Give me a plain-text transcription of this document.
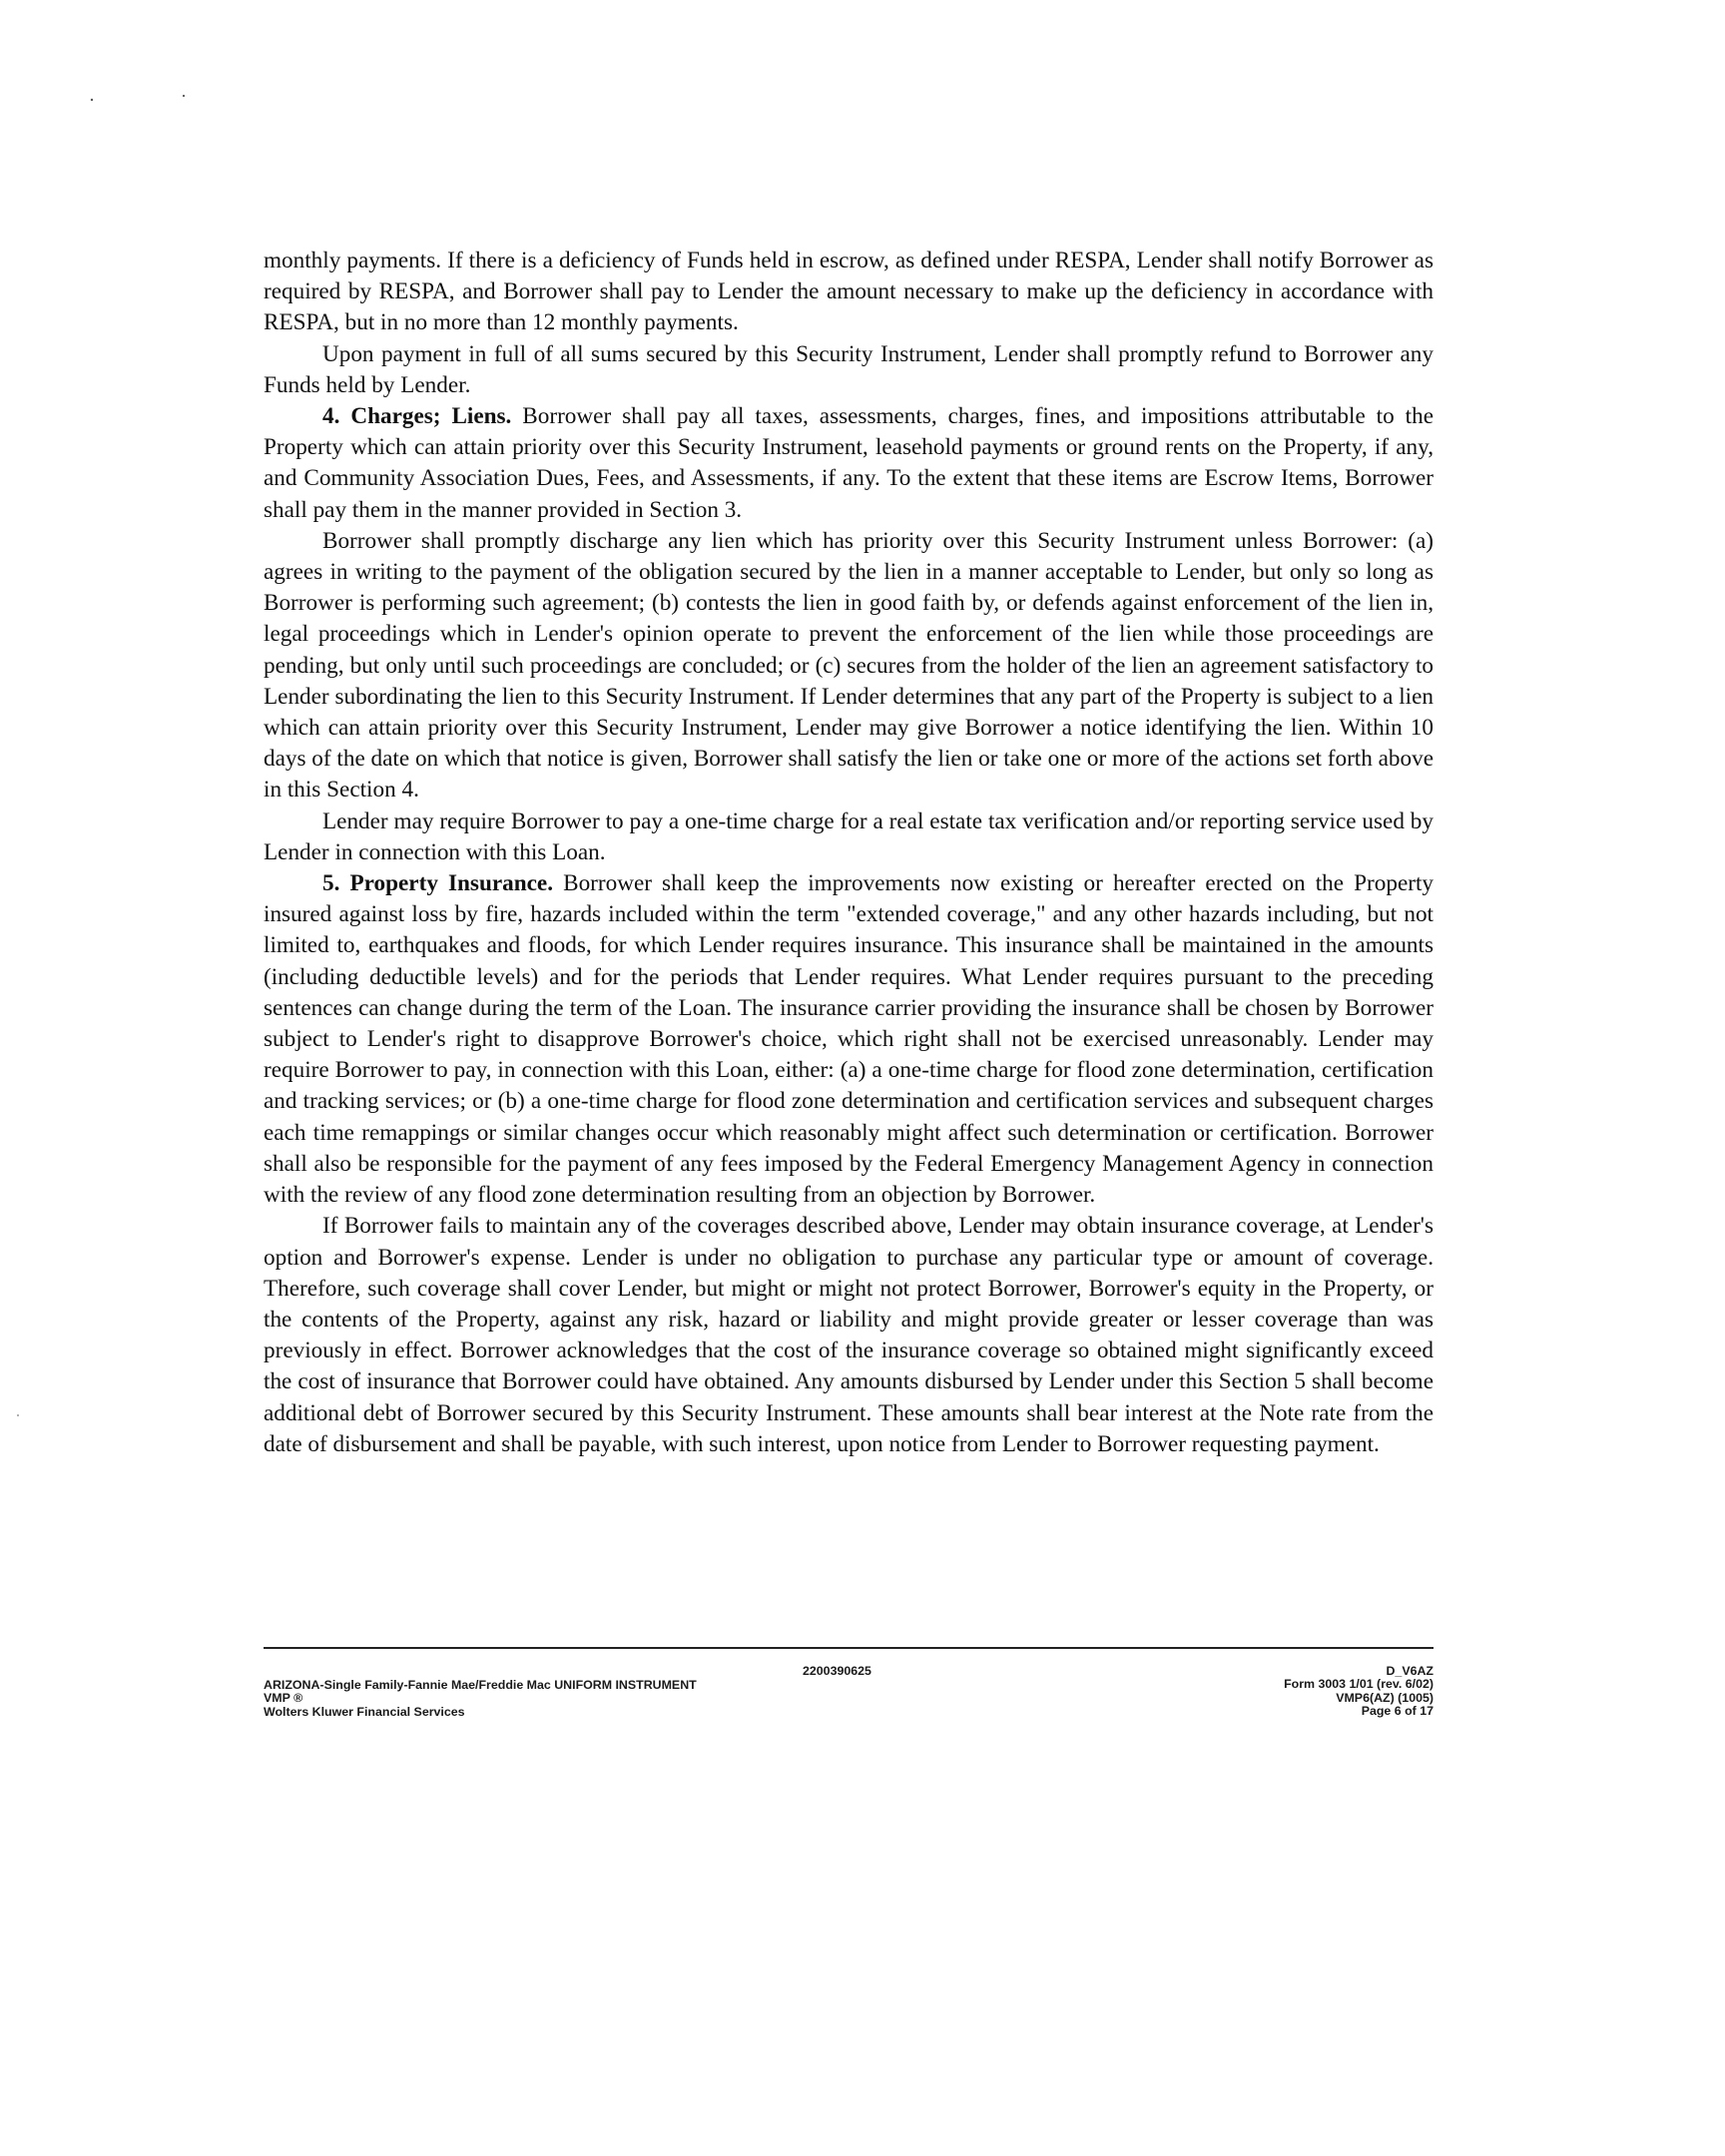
monthly payments. If there is a deficiency of Funds held in escrow, as defined under RESPA, Lender shall notify Borrower as required by RESPA, and Borrower shall pay to Lender the amount necessary to make up the deficiency in accordance with RESPA, but in no more than 12 monthly payments.

Upon payment in full of all sums secured by this Security Instrument, Lender shall promptly refund to Borrower any Funds held by Lender.

4. Charges; Liens. Borrower shall pay all taxes, assessments, charges, fines, and impositions attributable to the Property which can attain priority over this Security Instrument, leasehold payments or ground rents on the Property, if any, and Community Association Dues, Fees, and Assessments, if any. To the extent that these items are Escrow Items, Borrower shall pay them in the manner provided in Section 3.

Borrower shall promptly discharge any lien which has priority over this Security Instrument unless Borrower: (a) agrees in writing to the payment of the obligation secured by the lien in a manner acceptable to Lender, but only so long as Borrower is performing such agreement; (b) contests the lien in good faith by, or defends against enforcement of the lien in, legal proceedings which in Lender's opinion operate to prevent the enforcement of the lien while those proceedings are pending, but only until such proceedings are concluded; or (c) secures from the holder of the lien an agreement satisfactory to Lender subordinating the lien to this Security Instrument. If Lender determines that any part of the Property is subject to a lien which can attain priority over this Security Instrument, Lender may give Borrower a notice identifying the lien. Within 10 days of the date on which that notice is given, Borrower shall satisfy the lien or take one or more of the actions set forth above in this Section 4.

Lender may require Borrower to pay a one-time charge for a real estate tax verification and/or reporting service used by Lender in connection with this Loan.

5. Property Insurance. Borrower shall keep the improvements now existing or hereafter erected on the Property insured against loss by fire, hazards included within the term "extended coverage," and any other hazards including, but not limited to, earthquakes and floods, for which Lender requires insurance. This insurance shall be maintained in the amounts (including deductible levels) and for the periods that Lender requires. What Lender requires pursuant to the preceding sentences can change during the term of the Loan. The insurance carrier providing the insurance shall be chosen by Borrower subject to Lender's right to disapprove Borrower's choice, which right shall not be exercised unreasonably. Lender may require Borrower to pay, in connection with this Loan, either: (a) a one-time charge for flood zone determination, certification and tracking services; or (b) a one-time charge for flood zone determination and certification services and subsequent charges each time remappings or similar changes occur which reasonably might affect such determination or certification. Borrower shall also be responsible for the payment of any fees imposed by the Federal Emergency Management Agency in connection with the review of any flood zone determination resulting from an objection by Borrower.

If Borrower fails to maintain any of the coverages described above, Lender may obtain insurance coverage, at Lender's option and Borrower's expense. Lender is under no obligation to purchase any particular type or amount of coverage. Therefore, such coverage shall cover Lender, but might or might not protect Borrower, Borrower's equity in the Property, or the contents of the Property, against any risk, hazard or liability and might provide greater or lesser coverage than was previously in effect. Borrower acknowledges that the cost of the insurance coverage so obtained might significantly exceed the cost of insurance that Borrower could have obtained. Any amounts disbursed by Lender under this Section 5 shall become additional debt of Borrower secured by this Security Instrument. These amounts shall bear interest at the Note rate from the date of disbursement and shall be payable, with such interest, upon notice from Lender to Borrower requesting payment.

2200390625
ARIZONA-Single Family-Fannie Mae/Freddie Mac UNIFORM INSTRUMENT
VMP ®
Wolters Kluwer Financial Services
D_V6AZ
Form 3003 1/01 (rev. 6/02)
VMP6(AZ) (1005)
Page 6 of 17
